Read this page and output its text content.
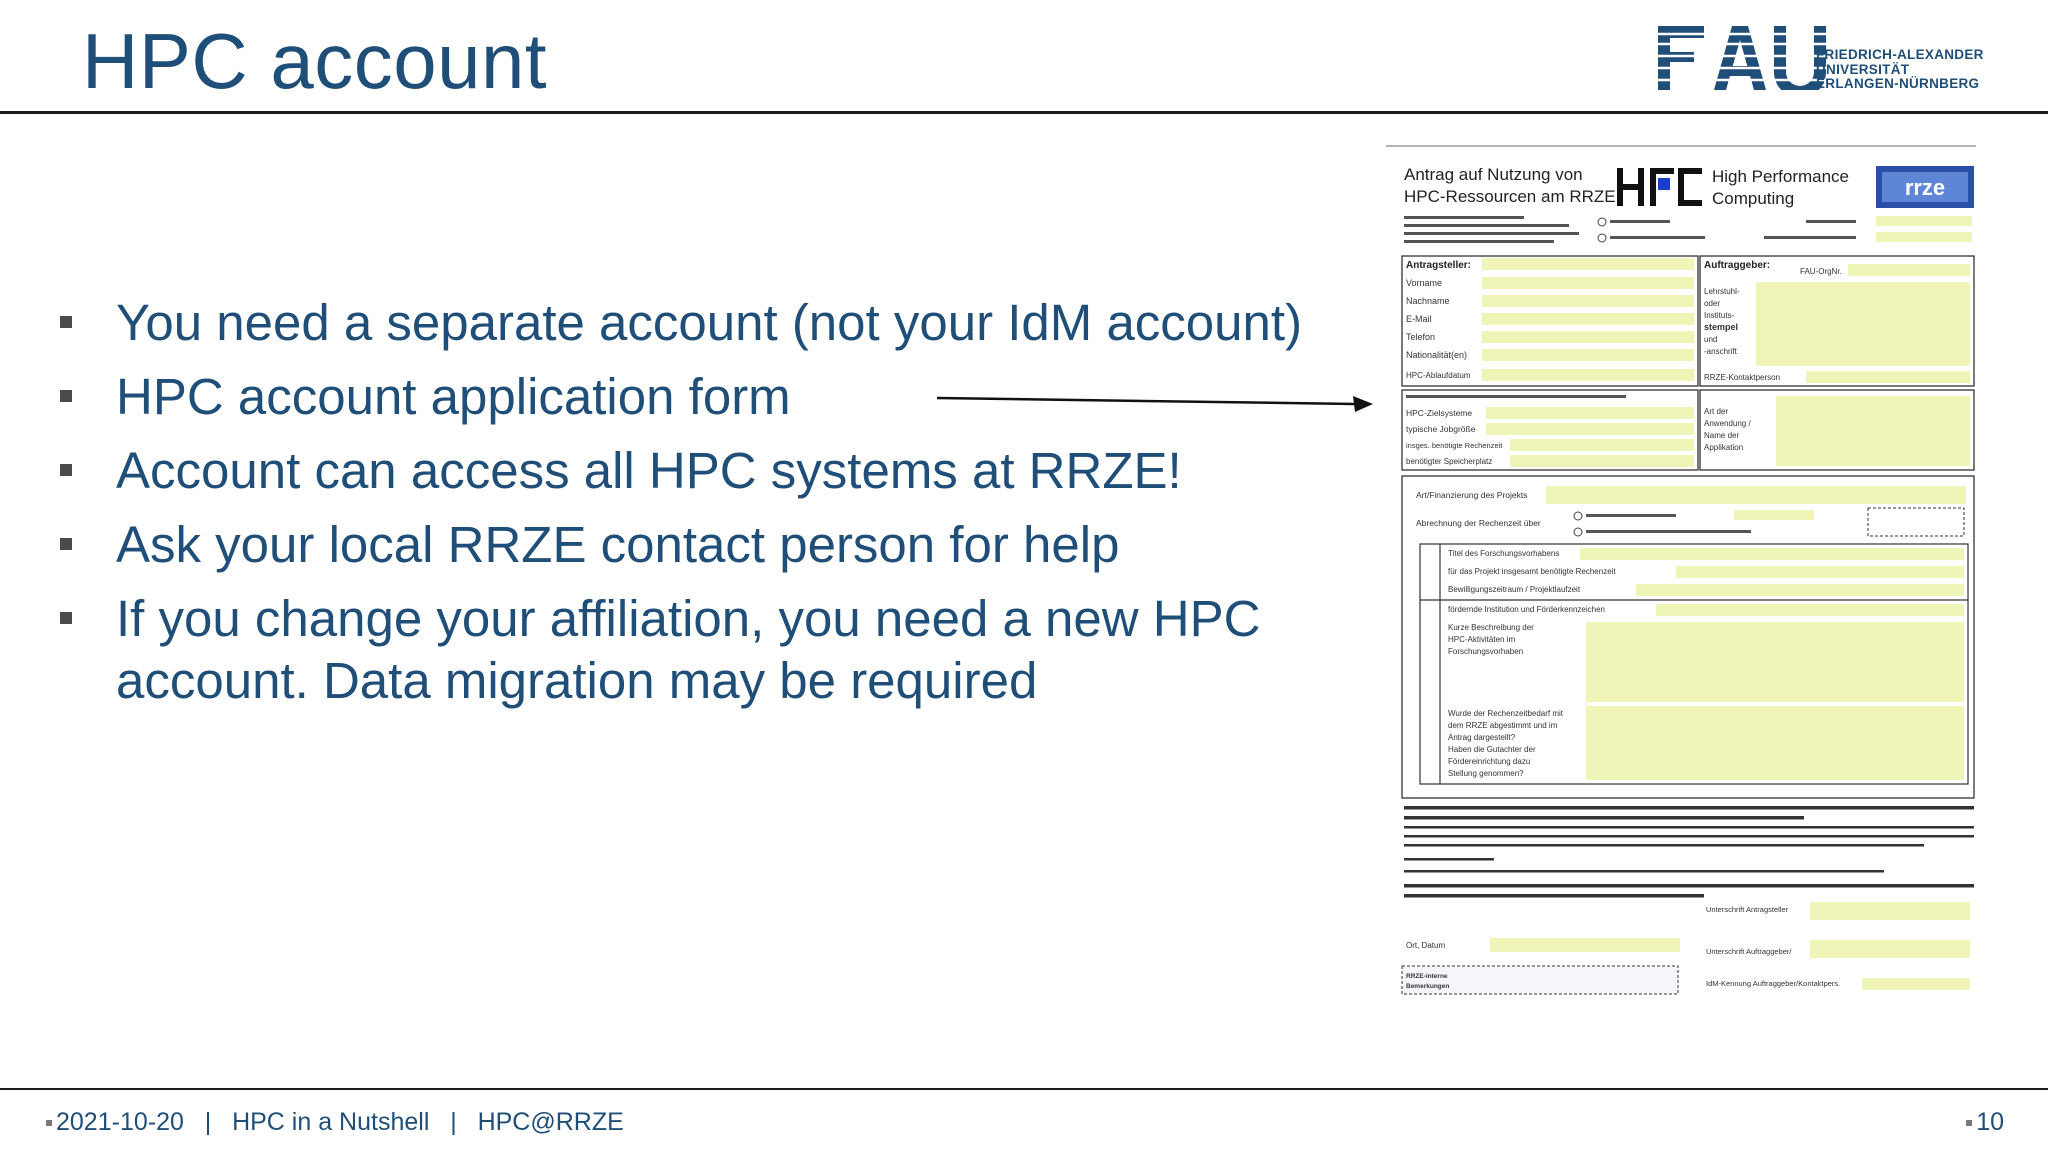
HPC account	FRIEDRICH-ALEXANDER
UNIVERSITÄT
ERLANGEN-NÜRNBERG
You need a separate account (not your IdM account)
HPC account application form
Account can access all HPC systems at RRZE!
Ask your local RRZE contact person for help
If you change your affiliation, you need a new HPC account. Data migration may be required
Antrag auf Nutzung von
HPC-Ressourcen am RRZE
High Performance
Computing	rrze
Antragsteller:
Vorname
Nachname
E-Mail
Telefon
Nationalität(en)
HPC-Ablaufdatum
Auftraggeber:
FAU-OrgNr.
Lehrstuhl-
oder
Instituts-
stempel
und
-anschrift
RRZE-Kontaktperson
HPC-Zielsysteme
typische Jobgröße
insges. benötigte Rechenzeit
benötigter Speicherplatz
Art der
Anwendung /
Name der
Applikation
Art/Finanzierung des Projekts
Abrechnung der Rechenzeit über
Titel des Forschungsvorhabens
für das Projekt insgesamt benötigte Rechenzeit
Bewilligungszeitraum / Projektlaufzeit
fördernde Institution und Förderkennzeichen
Kurze Beschreibung der
HPC-Aktivitäten im
Forschungsvorhaben
Wurde der Rechenzeitbedarf mit
dem RRZE abgestimmt und im
Antrag dargestellt?
Haben die Gutachter der
Fördereinrichtung dazu
Stellung genommen?
Ort, Datum
Unterschrift Antragsteller
Unterschrift Auftraggeber/
IdM-Kennung Auftraggeber/Kontaktpers.
RRZE-interne
Bemerkungen
2021-10-20 | HPC in a Nutshell | HPC@RRZE	10
